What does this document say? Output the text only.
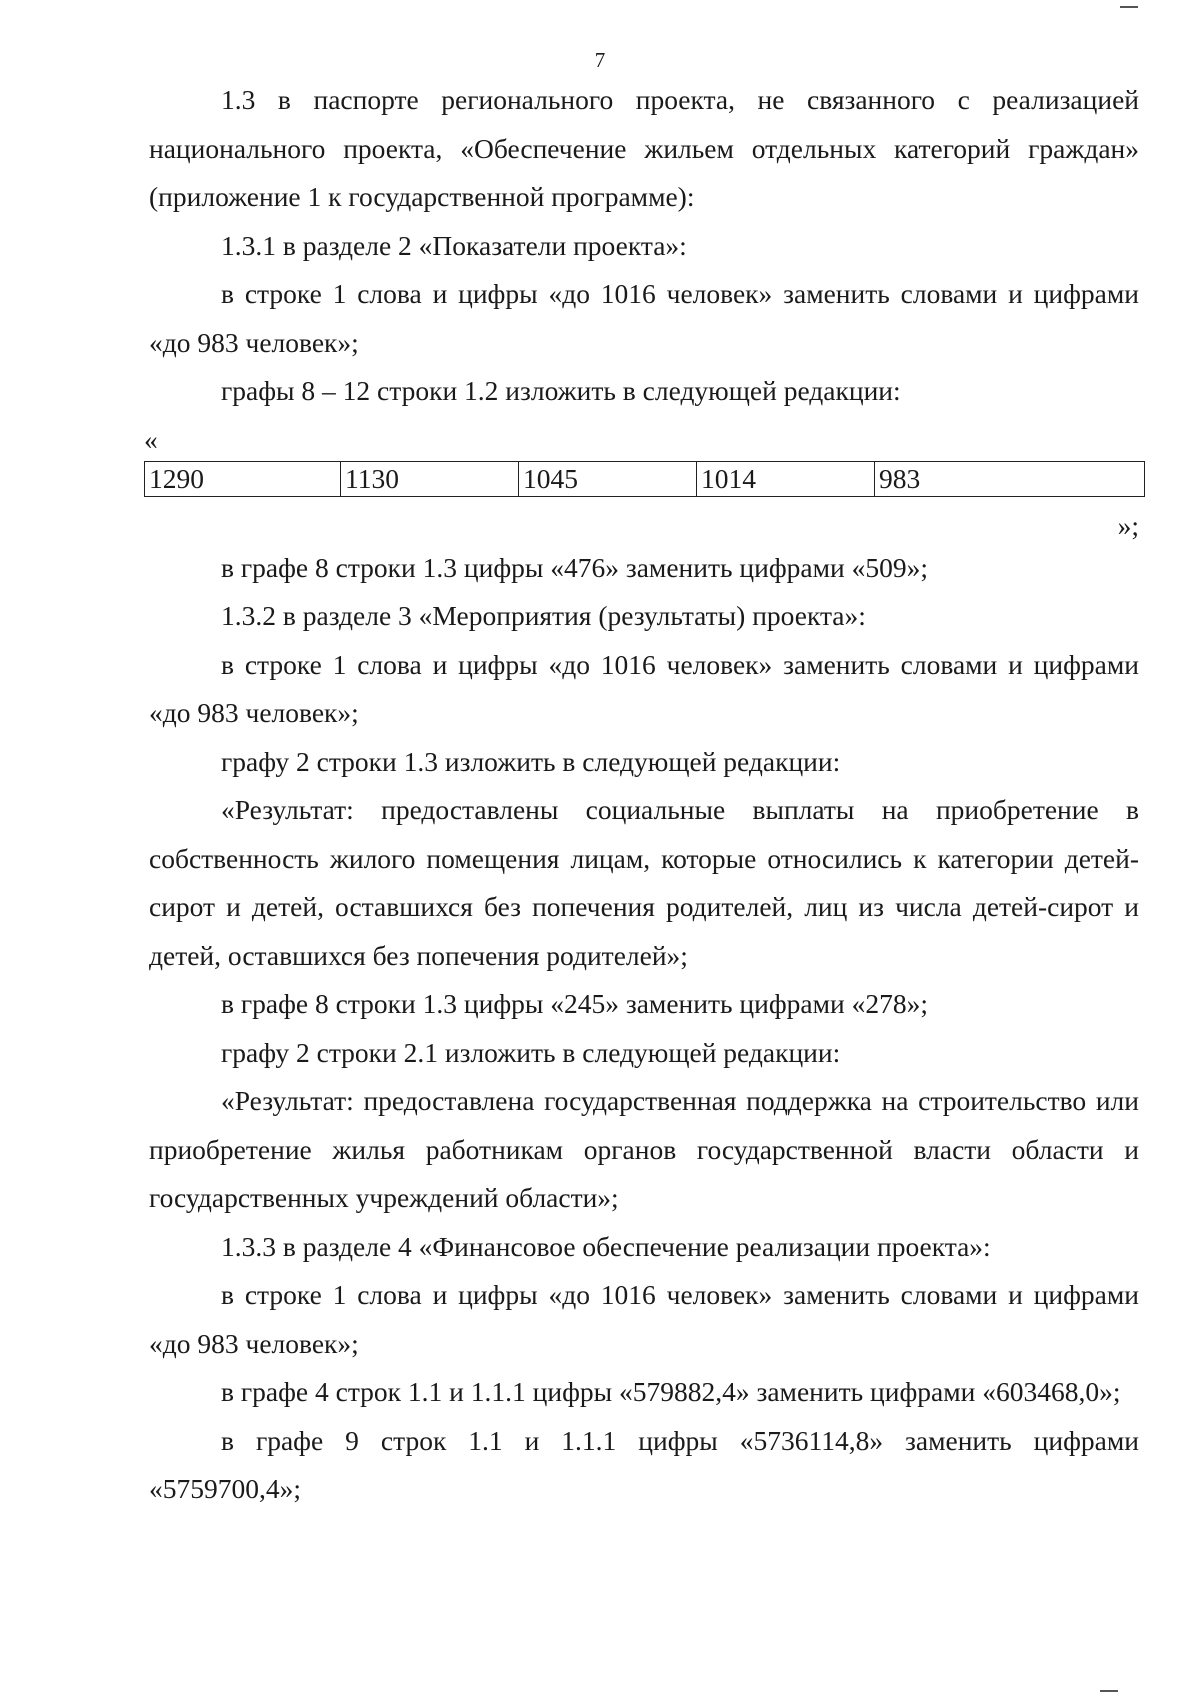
7

1.3 в паспорте регионального проекта, не связанного с реализацией национального проекта, «Обеспечение жильем отдельных категорий граждан» (приложение 1 к государственной программе):

1.3.1 в разделе 2 «Показатели проекта»:

в строке 1 слова и цифры «до 1016 человек» заменить словами и цифрами «до 983 человек»;

графы 8 – 12 строки 1.2 изложить в следующей редакции:

«
1290	1130	1045	1014	983
»;

в графе 8 строки 1.3 цифры «476» заменить цифрами «509»;

1.3.2 в разделе 3 «Мероприятия (результаты) проекта»:

в строке 1 слова и цифры «до 1016 человек» заменить словами и цифрами «до 983 человек»;

графу 2 строки 1.3 изложить в следующей редакции:

«Результат: предоставлены социальные выплаты на приобретение в собственность жилого помещения лицам, которые относились к категории детей-сирот и детей, оставшихся без попечения родителей, лиц из числа детей-сирот и детей, оставшихся без попечения родителей»;

в графе 8 строки 1.3 цифры «245» заменить цифрами «278»;

графу 2 строки 2.1 изложить в следующей редакции:

«Результат: предоставлена государственная поддержка на строительство или приобретение жилья работникам органов государственной власти области и государственных учреждений области»;

1.3.3 в разделе 4 «Финансовое обеспечение реализации проекта»:

в строке 1 слова и цифры «до 1016 человек» заменить словами и цифрами «до 983 человек»;

в графе 4 строк 1.1 и 1.1.1 цифры «579882,4» заменить цифрами «603468,0»;

в графе 9 строк 1.1 и 1.1.1 цифры «5736114,8» заменить цифрами «5759700,4»;
